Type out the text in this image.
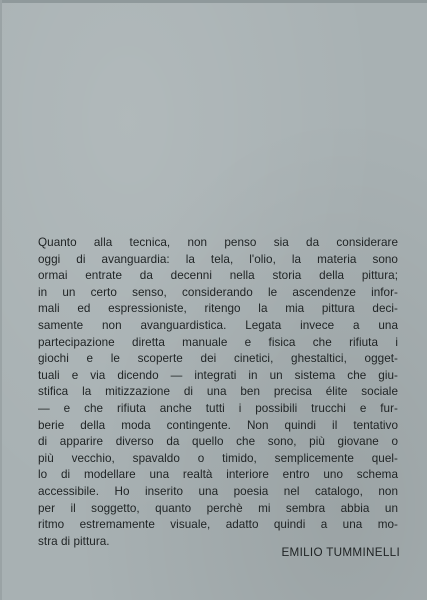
Quanto alla tecnica, non penso sia da considerare
oggi di avanguardia: la tela, l'olio, la materia sono
ormai entrate da decenni nella storia della pittura;
in un certo senso, considerando le ascendenze infor-
mali ed espressioniste, ritengo la mia pittura deci-
samente non avanguardistica. Legata invece a una
partecipazione diretta manuale e fisica che rifiuta i
giochi e le scoperte dei cinetici, ghestaltici, ogget-
tuali e via dicendo — integrati in un sistema che giu-
stifica la mitizzazione di una ben precisa élite sociale
— e che rifiuta anche tutti i possibili trucchi e fur-
berie della moda contingente. Non quindi il tentativo
di apparire diverso da quello che sono, più giovane o
più vecchio, spavaldo o timido, semplicemente quel-
lo di modellare una realtà interiore entro uno schema
accessibile. Ho inserito una poesia nel catalogo, non
per il soggetto, quanto perchè mi sembra abbia un
ritmo estremamente visuale, adatto quindi a una mo-
stra di pittura.
EMILIO TUMMINELLI
